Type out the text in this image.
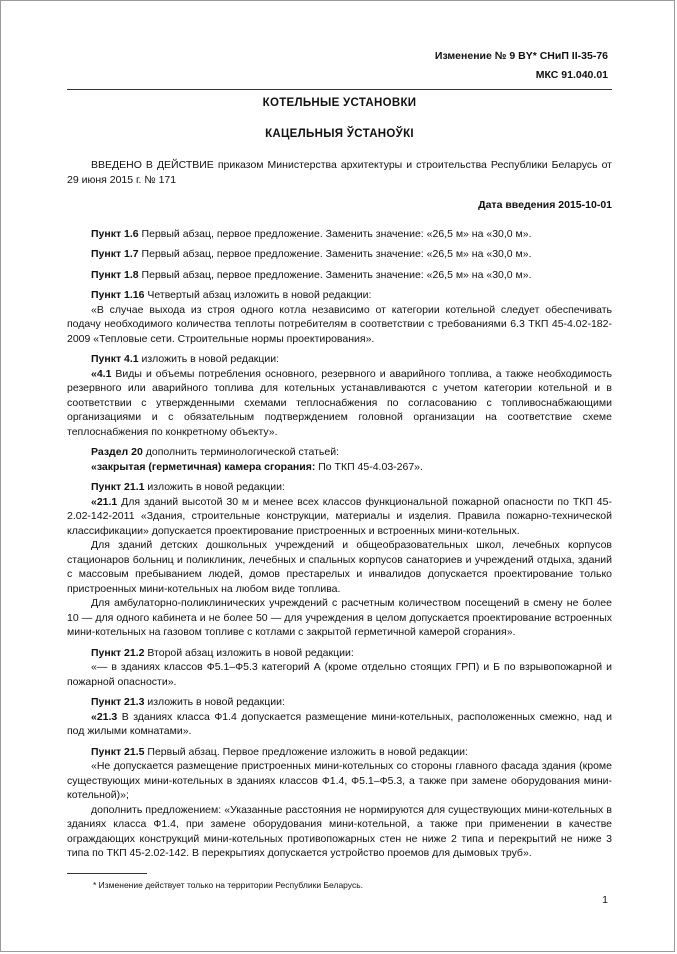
Изменение № 9 BY* СНиП II-35-76
МКС 91.040.01
КОТЕЛЬНЫЕ УСТАНОВКИ
КАЦЕЛЬНЫЯ ЎСТАНОЎКІ

ВВЕДЕНО В ДЕЙСТВИЕ приказом Министерства архитектуры и строительства Республики Беларусь от 29 июня 2015 г. № 171

Дата введения 2015-10-01

Пункт 1.6 Первый абзац, первое предложение. Заменить значение: «26,5 м» на «30,0 м».

Пункт 1.7 Первый абзац, первое предложение. Заменить значение: «26,5 м» на «30,0 м».

Пункт 1.8 Первый абзац, первое предложение. Заменить значение: «26,5 м» на «30,0 м».

Пункт 1.16 Четвертый абзац изложить в новой редакции:

«В случае выхода из строя одного котла независимо от категории котельной следует обеспечивать подачу необходимого количества теплоты потребителям в соответствии с требованиями 6.3 ТКП 45-4.02-182-2009 «Тепловые сети. Строительные нормы проектирования».

Пункт 4.1 изложить в новой редакции:

«4.1 Виды и объемы потребления основного, резервного и аварийного топлива, а также необходимость резервного или аварийного топлива для котельных устанавливаются с учетом категории котельной и в соответствии с утвержденными схемами теплоснабжения по согласованию с топливоснабжающими организациями и с обязательным подтверждением головной организации на соответствие схеме теплоснабжения по конкретному объекту».

Раздел 20 дополнить терминологической статьей:

«закрытая (герметичная) камера сгорания: По ТКП 45-4.03-267».

Пункт 21.1 изложить в новой редакции:

«21.1 Для зданий высотой 30 м и менее всех классов функциональной пожарной опасности по ТКП 45-2.02-142-2011 «Здания, строительные конструкции, материалы и изделия. Правила пожарно-технической классификации» допускается проектирование пристроенных и встроенных мини-котельных.

Для зданий детских дошкольных учреждений и общеобразовательных школ, лечебных корпусов стационаров больниц и поликлиник, лечебных и спальных корпусов санаториев и учреждений отдыха, зданий с массовым пребыванием людей, домов престарелых и инвалидов допускается проектирование только пристроенных мини-котельных на любом виде топлива.

Для амбулаторно-поликлинических учреждений с расчетным количеством посещений в смену не более 10 — для одного кабинета и не более 50 — для учреждения в целом допускается проектирование встроенных мини-котельных на газовом топливе с котлами с закрытой герметичной камерой сгорания».

Пункт 21.2 Второй абзац изложить в новой редакции:

«— в зданиях классов Ф5.1–Ф5.3 категорий А (кроме отдельно стоящих ГРП) и Б по взрывопожарной и пожарной опасности».

Пункт 21.3 изложить в новой редакции:

«21.3 В зданиях класса Ф1.4 допускается размещение мини-котельных, расположенных смежно, над и под жилыми комнатами».

Пункт 21.5 Первый абзац. Первое предложение изложить в новой редакции:

«Не допускается размещение пристроенных мини-котельных со стороны главного фасада здания (кроме существующих мини-котельных в зданиях классов Ф1.4, Ф5.1–Ф5.3, а также при замене оборудования мини-котельной)»;

дополнить предложением: «Указанные расстояния не нормируются для существующих мини-котельных в зданиях класса Ф1.4, при замене оборудования мини-котельной, а также при применении в качестве ограждающих конструкций мини-котельных противопожарных стен не ниже 2 типа и перекрытий не ниже 3 типа по ТКП 45-2.02-142. В перекрытиях допускается устройство проемов для дымовых труб».

* Изменение действует только на территории Республики Беларусь.
1
